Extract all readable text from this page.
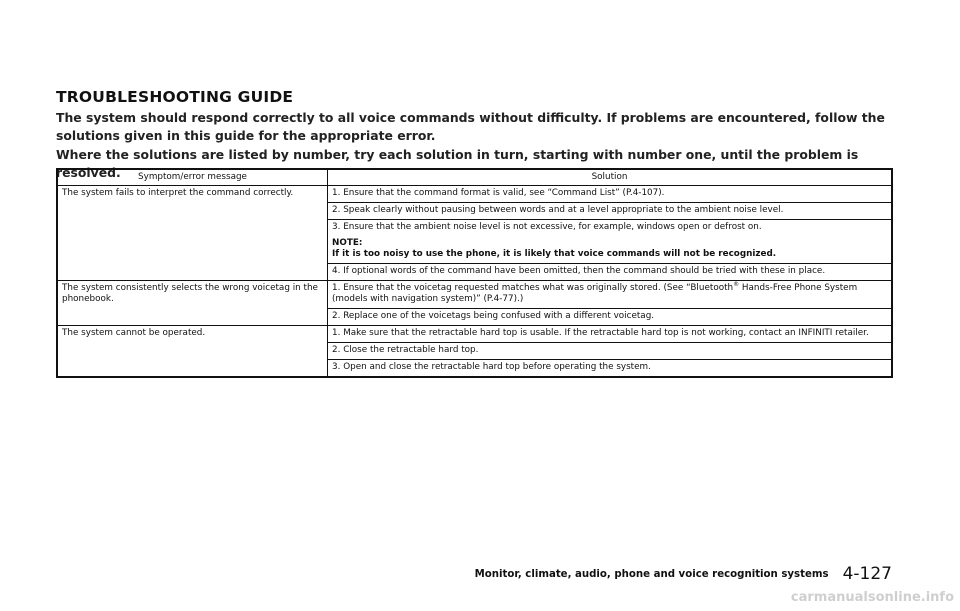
TROUBLESHOOTING GUIDE
The system should respond correctly to all voice commands without difficulty. If problems are encountered, follow the solutions given in this guide for the appropriate error.
Where the solutions are listed by number, try each solution in turn, starting with number one, until the problem is resolved.	Symptom/error message	Solution
The system fails to interpret the command correctly.	1. Ensure that the command format is valid, see “Command List” (P.4-107).
	2. Speak clearly without pausing between words and at a level appropriate to the ambient noise level.

	3. Ensure that the ambient noise level is not excessive, for example, windows open or defrost on.
NOTE:
If it is too noisy to use the phone, it is likely that voice commands will not be recognized.

	4. If optional words of the command have been omitted, then the command should be tried with these in place.
The system consistently selects the wrong voicetag in the phonebook.	1. Ensure that the voicetag requested matches what was originally stored. (See “Bluetooth® Hands-Free Phone System (models with navigation system)” (P.4-77).)
	2. Replace one of the voicetags being confused with a different voicetag.
The system cannot be operated.	1. Make sure that the retractable hard top is usable. If the retractable hard top is not working, contact an INFINITI retailer.
	2. Close the retractable hard top.
	3. Open and close the retractable hard top before operating the system.
Monitor, climate, audio, phone and voice recognition systems 4-127
carmanualsonline.info
